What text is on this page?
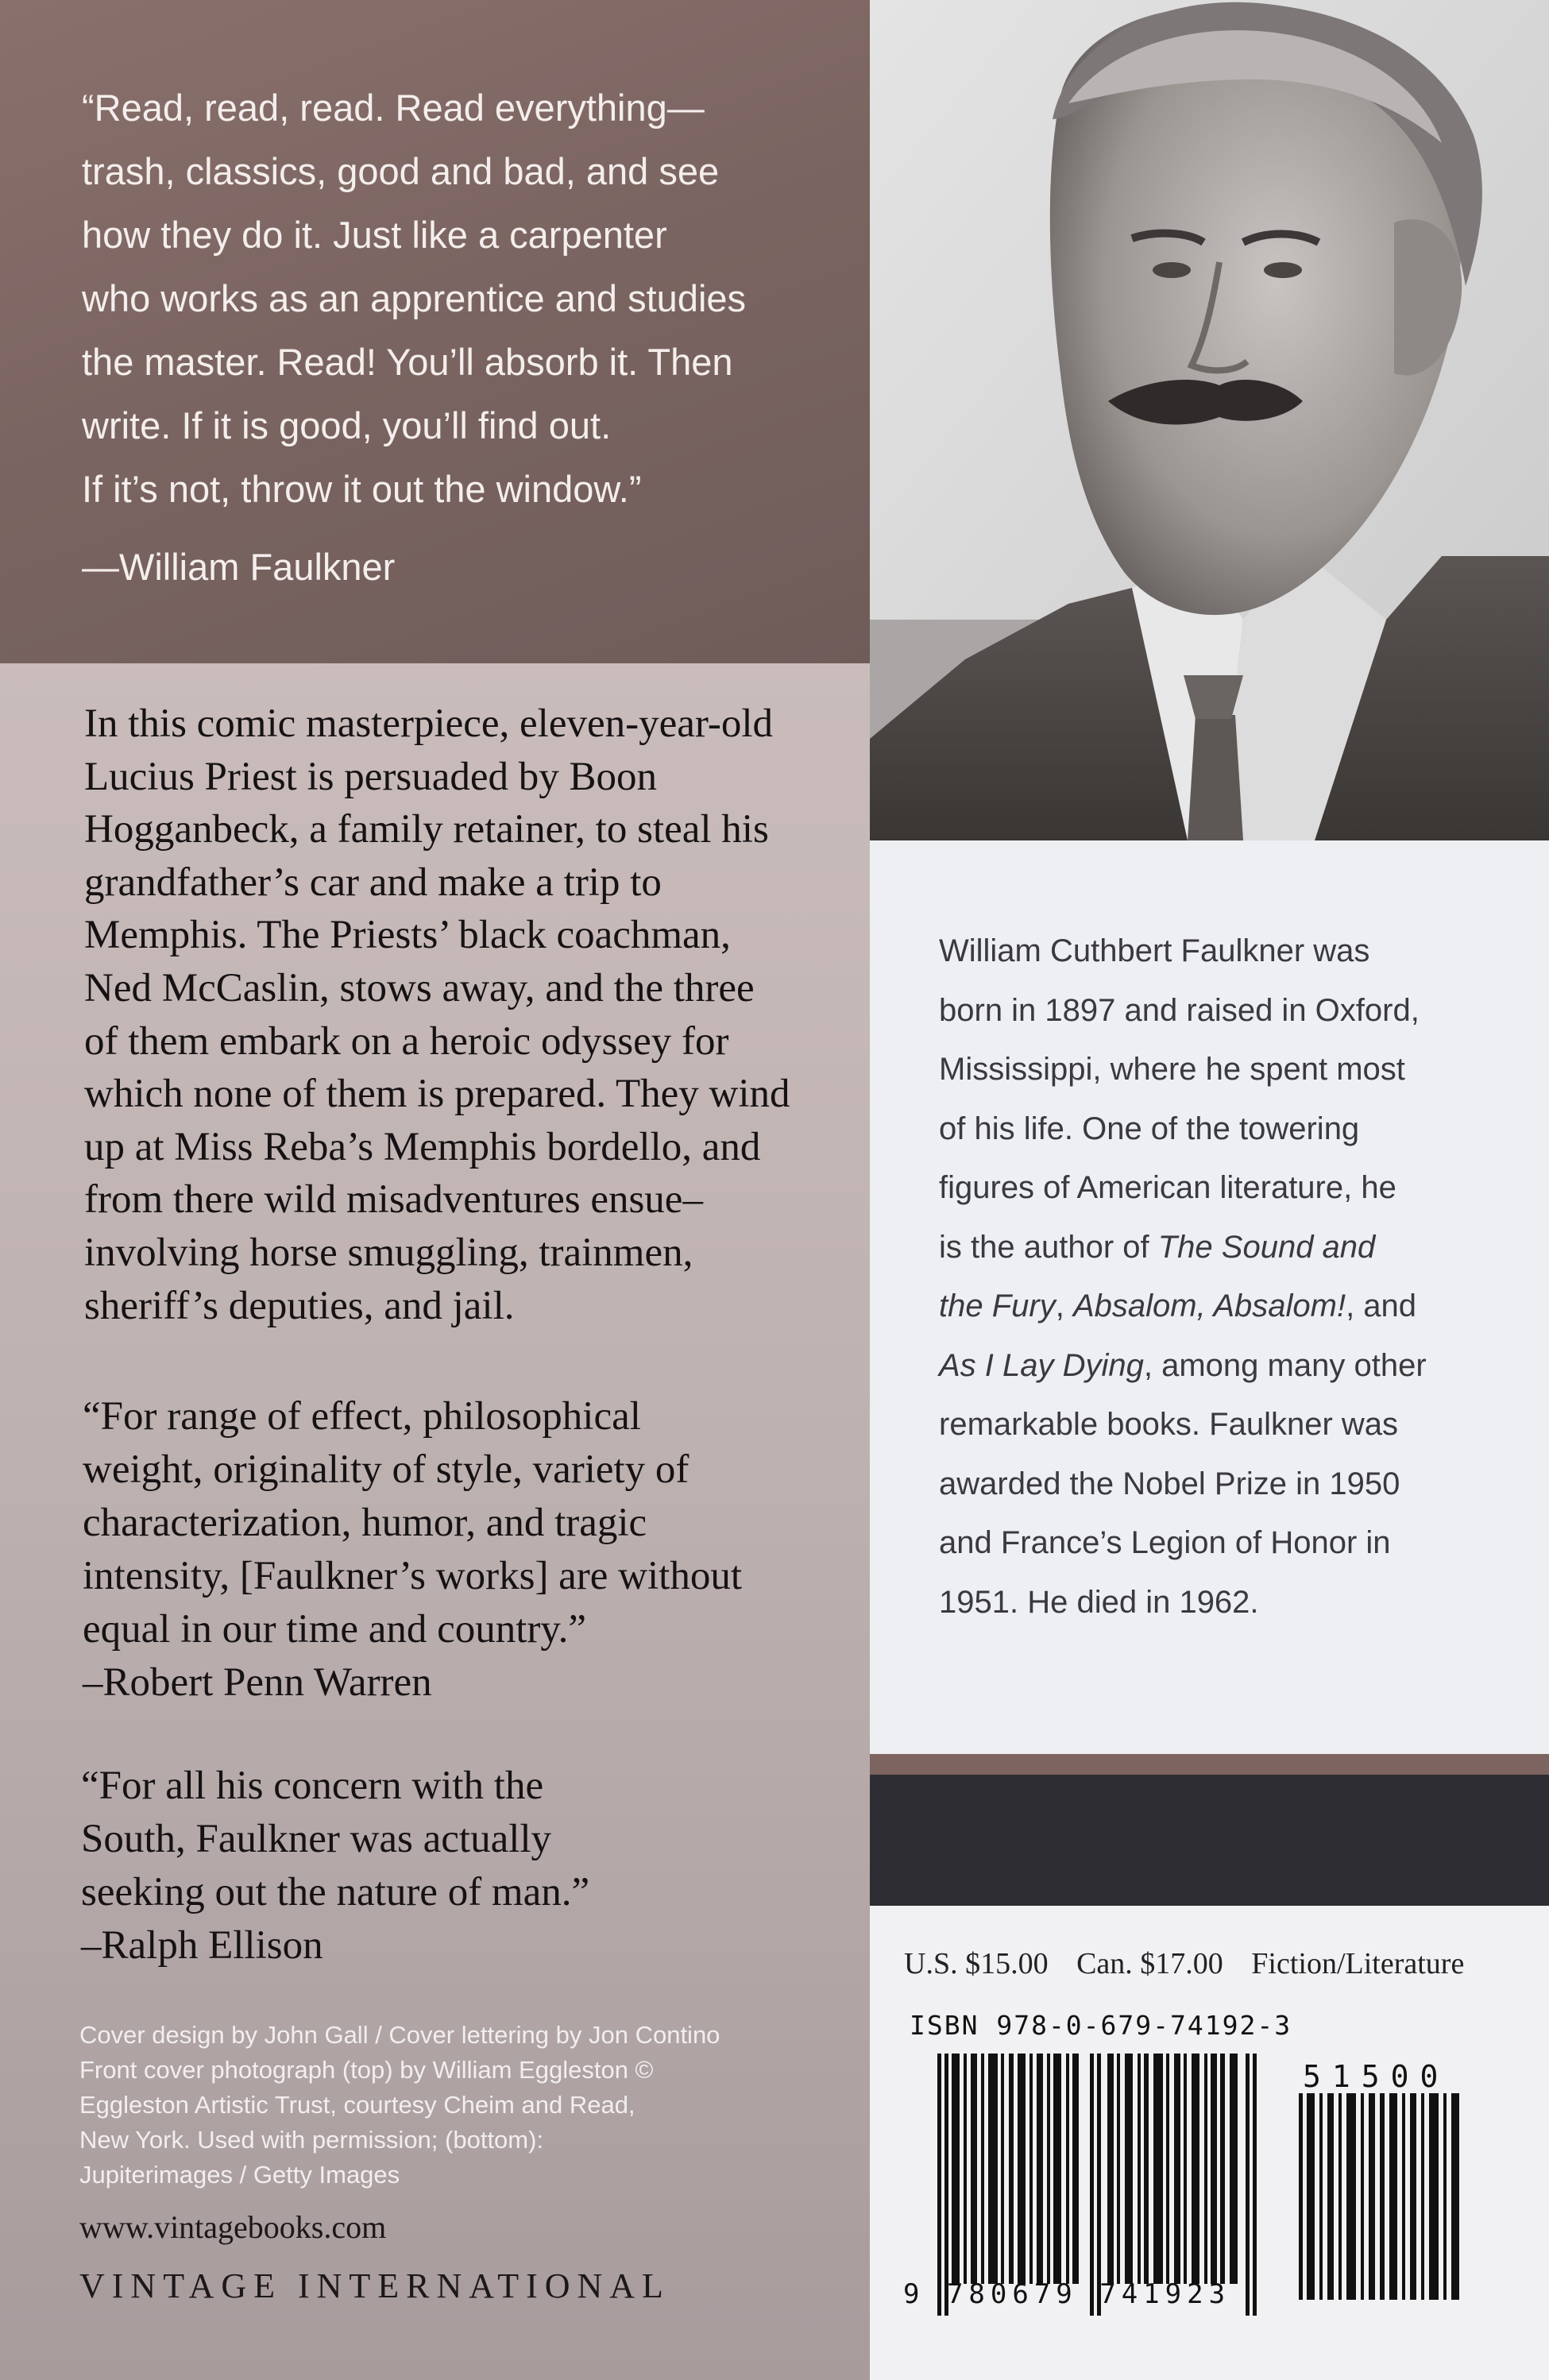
“Read, read, read. Read everything—
trash, classics, good and bad, and see
how they do it. Just like a carpenter
who works as an apprentice and studies
the master. Read! You’ll absorb it. Then
write. If it is good, you’ll find out.
If it’s not, throw it out the window.”
—William Faulkner
In this comic masterpiece, eleven-year-old
Lucius Priest is persuaded by Boon
Hogganbeck, a family retainer, to steal his
grandfather’s car and make a trip to
Memphis. The Priests’ black coachman,
Ned McCaslin, stows away, and the three
of them embark on a heroic odyssey for
which none of them is prepared. They wind
up at Miss Reba’s Memphis bordello, and
from there wild misadventures ensue–
involving horse smuggling, trainmen,
sheriff’s deputies, and jail.
“For range of effect, philosophical
weight, originality of style, variety of
characterization, humor, and tragic
intensity, [Faulkner’s works] are without
equal in our time and country.”
–Robert Penn Warren
“For all his concern with the
South, Faulkner was actually
seeking out the nature of man.”
–Ralph Ellison
Cover design by John Gall / Cover lettering by Jon Contino
Front cover photograph (top) by William Eggleston ©
Eggleston Artistic Trust, courtesy Cheim and Read,
New York. Used with permission; (bottom):
Jupiterimages / Getty Images
www.vintagebooks.com
VINTAGE INTERNATIONAL
William Cuthbert Faulkner was
born in 1897 and raised in Oxford,
Mississippi, where he spent most
of his life. One of the towering
figures of American literature, he
is the author of The Sound and
the Fury, Absalom, Absalom!, and
As I Lay Dying, among many other
remarkable books. Faulkner was
awarded the Nobel Prize in 1950
and France’s Legion of Honor in
1951. He died in 1962.
U.S. $15.00 Can. $17.00 Fiction/Literature
ISBN 978-0-679-74192-3
9 780679 741923
51500
